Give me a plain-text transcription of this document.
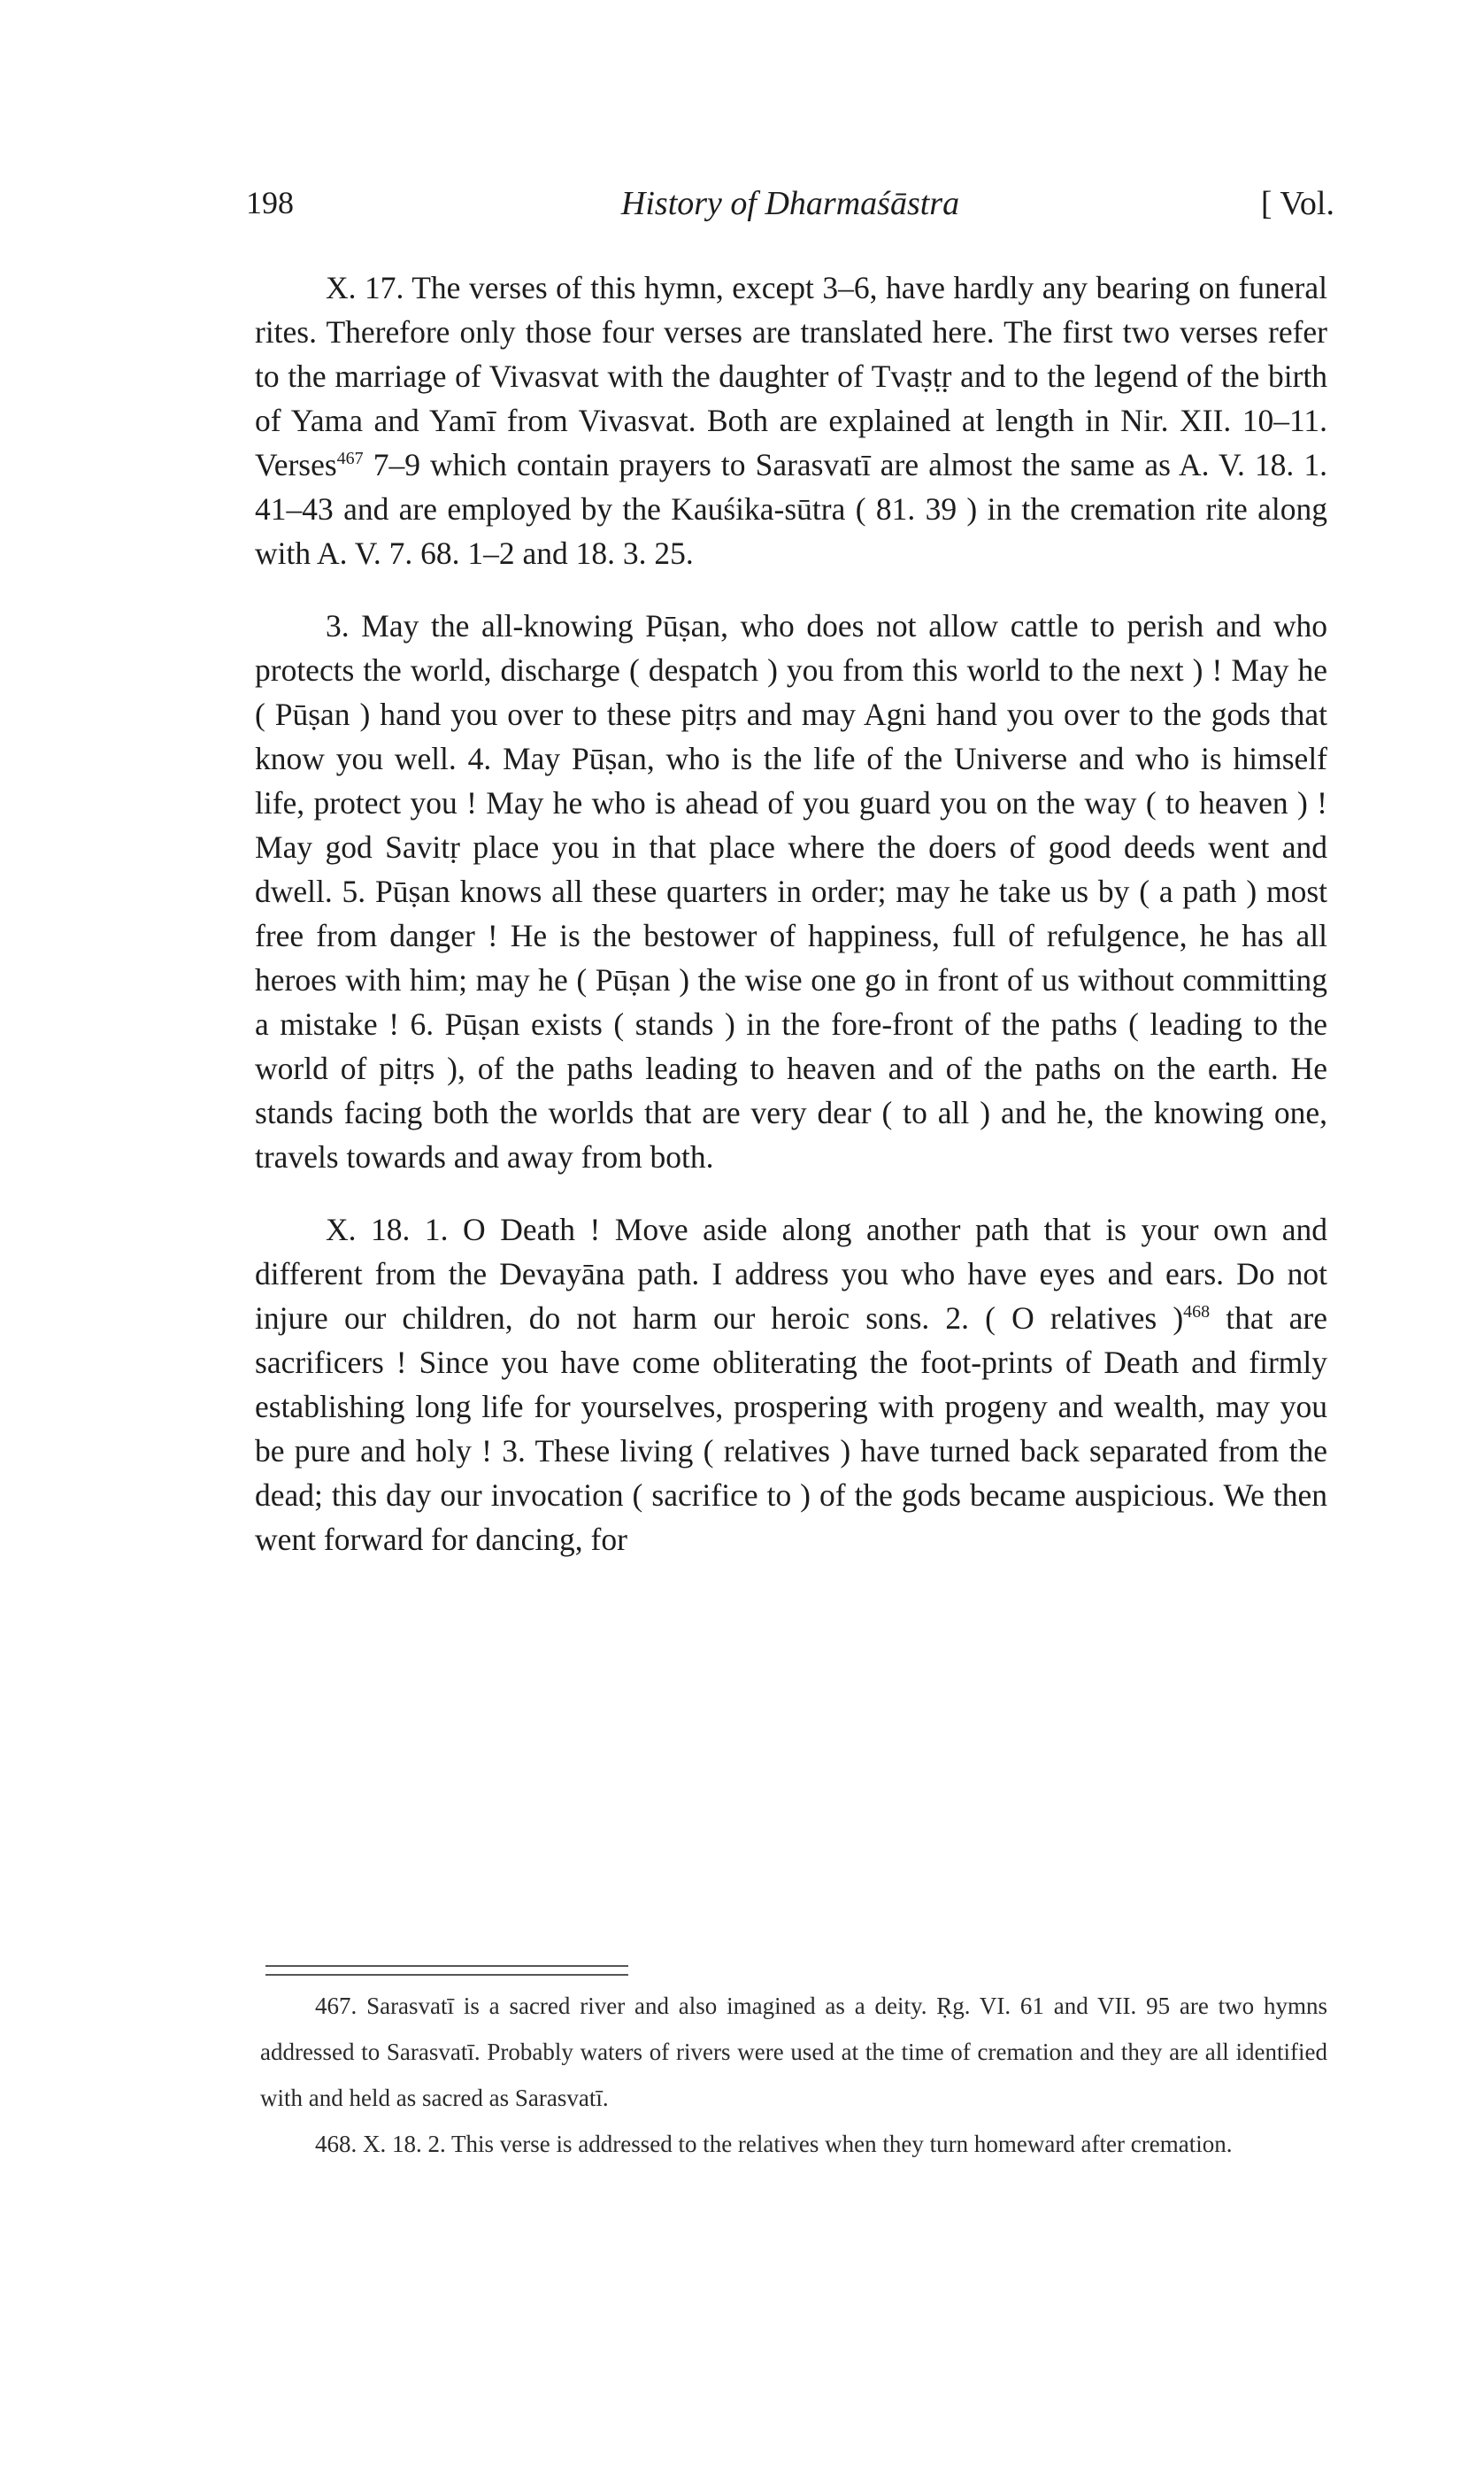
198	History of Dharmaśāstra	[ Vol.

X. 17. The verses of this hymn, except 3–6, have hardly any bearing on funeral rites. Therefore only those four verses are translated here. The first two verses refer to the marriage of Vivasvat with the daughter of Tvaṣṭṛ and to the legend of the birth of Yama and Yamī from Vivasvat. Both are explained at length in Nir. XII. 10–11. Verses$^{467}$ 7–9 which contain prayers to Sarasvatī are almost the same as A. V. 18. 1. 41–43 and are employed by the Kauśika-sūtra ( 81. 39 ) in the cremation rite along with A. V. 7. 68. 1–2 and 18. 3. 25.

3. May the all-knowing Pūṣan, who does not allow cattle to perish and who protects the world, discharge ( despatch ) you from this world to the next ) ! May he ( Pūṣan ) hand you over to these pitṛs and may Agni hand you over to the gods that know you well. 4. May Pūṣan, who is the life of the Universe and who is himself life, protect you ! May he who is ahead of you guard you on the way ( to heaven ) ! May god Savitṛ place you in that place where the doers of good deeds went and dwell. 5. Pūṣan knows all these quarters in order; may he take us by ( a path ) most free from danger ! He is the bestower of happiness, full of refulgence, he has all heroes with him; may he ( Pūṣan ) the wise one go in front of us without committing a mistake ! 6. Pūṣan exists ( stands ) in the fore-front of the paths ( leading to the world of pitṛs ), of the paths leading to heaven and of the paths on the earth. He stands facing both the worlds that are very dear ( to all ) and he, the knowing one, travels towards and away from both.

X. 18. 1. O Death ! Move aside along another path that is your own and different from the Devayāna path. I address you who have eyes and ears. Do not injure our children, do not harm our heroic sons. 2. ( O relatives )$^{468}$ that are sacrificers ! Since you have come obliterating the foot-prints of Death and firmly establishing long life for yourselves, prospering with progeny and wealth, may you be pure and holy ! 3. These living ( relatives ) have turned back separated from the dead; this day our invocation ( sacrifice to ) of the gods became auspicious. We then went forward for dancing, for

467. Sarasvatī is a sacred river and also imagined as a deity. Ṛg. VI. 61 and VII. 95 are two hymns addressed to Sarasvatī. Probably waters of rivers were used at the time of cremation and they are all identified with and held as sacred as Sarasvatī.

468. X. 18. 2. This verse is addressed to the relatives when they turn homeward after cremation.
